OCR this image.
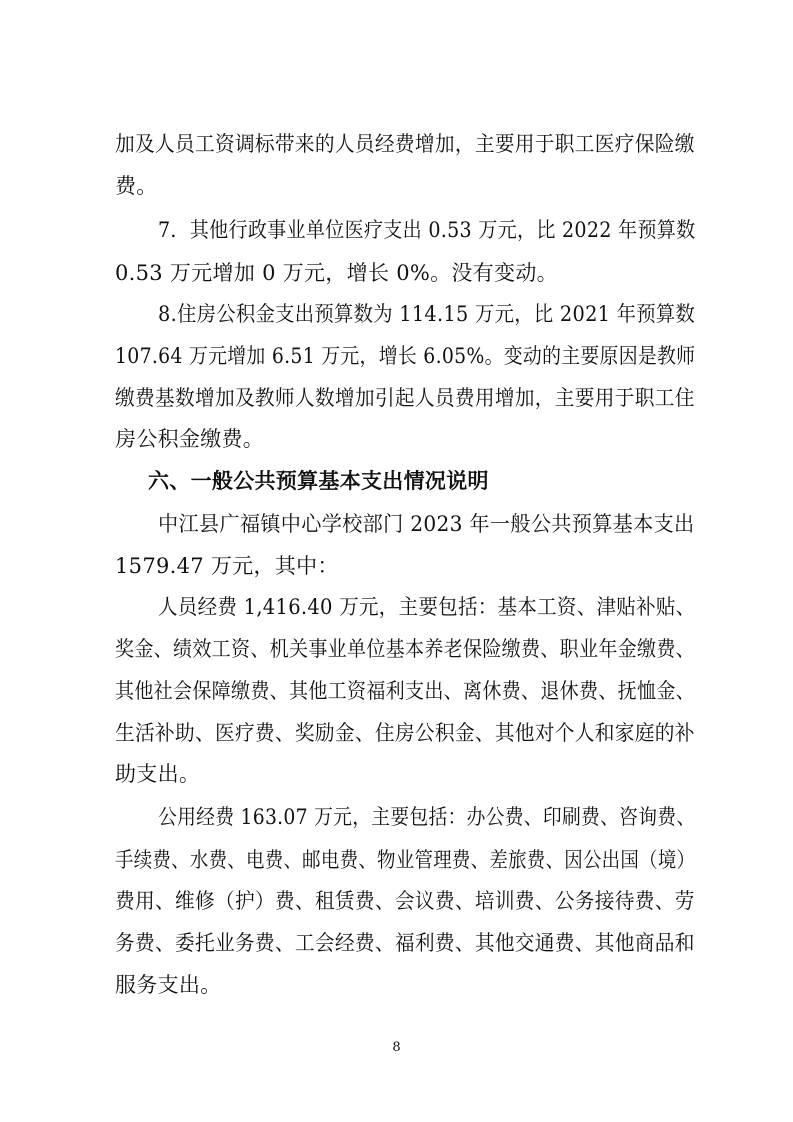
加及人员工资调标带来的人员经费增加，主要用于职工医疗保险缴
费。
7．其他行政事业单位医疗支出 0.53 万元，比 2022 年预算数
0.53 万元增加 0 万元，增长 0%。没有变动。
8.住房公积金支出预算数为 114.15 万元，比 2021 年预算数
107.64 万元增加 6.51 万元，增长 6.05%。变动的主要原因是教师
缴费基数增加及教师人数增加引起人员费用增加，主要用于职工住
房公积金缴费。
六、一般公共预算基本支出情况说明
中江县广福镇中心学校部门 2023 年一般公共预算基本支出
1579.47 万元，其中：
人员经费 1,416.40 万元，主要包括：基本工资、津贴补贴、
奖金、绩效工资、机关事业单位基本养老保险缴费、职业年金缴费、
其他社会保障缴费、其他工资福利支出、离休费、退休费、抚恤金、
生活补助、医疗费、奖励金、住房公积金、其他对个人和家庭的补
助支出。
公用经费 163.07 万元，主要包括：办公费、印刷费、咨询费、
手续费、水费、电费、邮电费、物业管理费、差旅费、因公出国（境）
费用、维修（护）费、租赁费、会议费、培训费、公务接待费、劳
务费、委托业务费、工会经费、福利费、其他交通费、其他商品和
服务支出。
8
